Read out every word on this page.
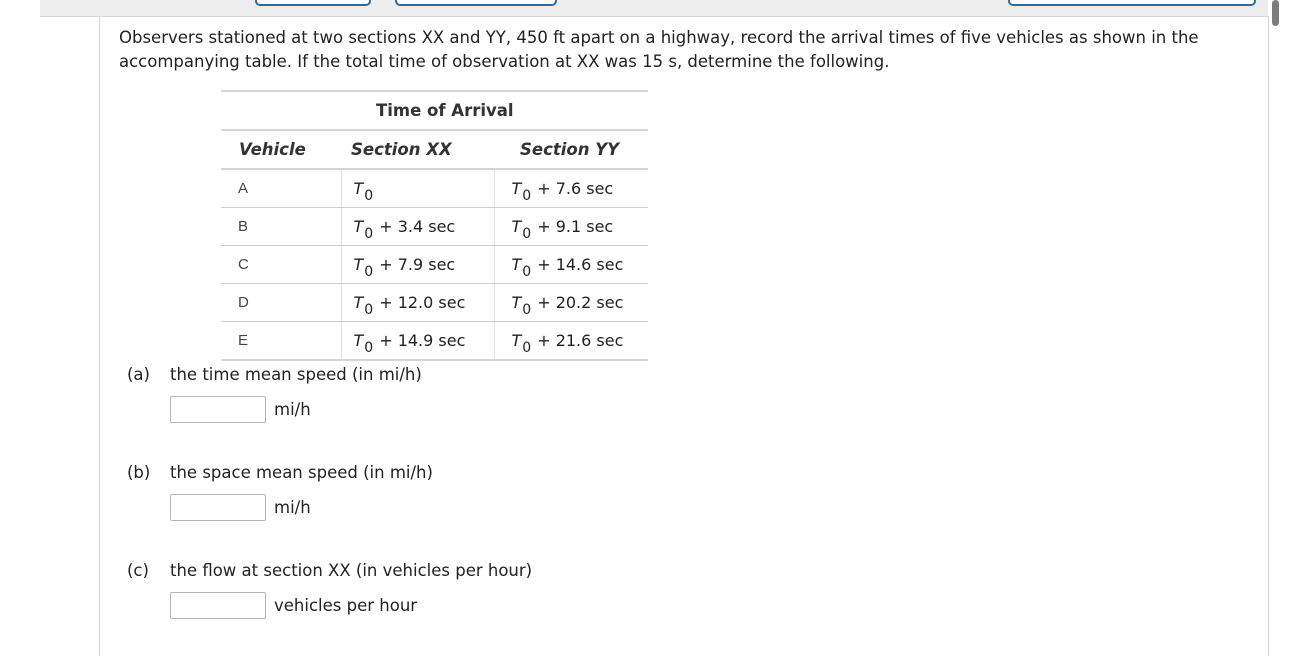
Observers stationed at two sections XX and YY, 450 ft apart on a highway, record the arrival times of five vehicles as shown in the accompanying table. If the total time of observation at XX was 15 s, determine the following.
	Time of Arrival	
Vehicle	Section XX	Section YY
A	T0	T0 + 7.6 sec
B	T0 + 3.4 sec	T0 + 9.1 sec
C	T0 + 7.9 sec	T0 + 14.6 sec
D	T0 + 12.0 sec	T0 + 20.2 sec
E	T0 + 14.9 sec	T0 + 21.6 sec
(a) the time mean speed (in mi/h)
mi/h
(b) the space mean speed (in mi/h)
mi/h
(c) the flow at section XX (in vehicles per hour)
vehicles per hour
